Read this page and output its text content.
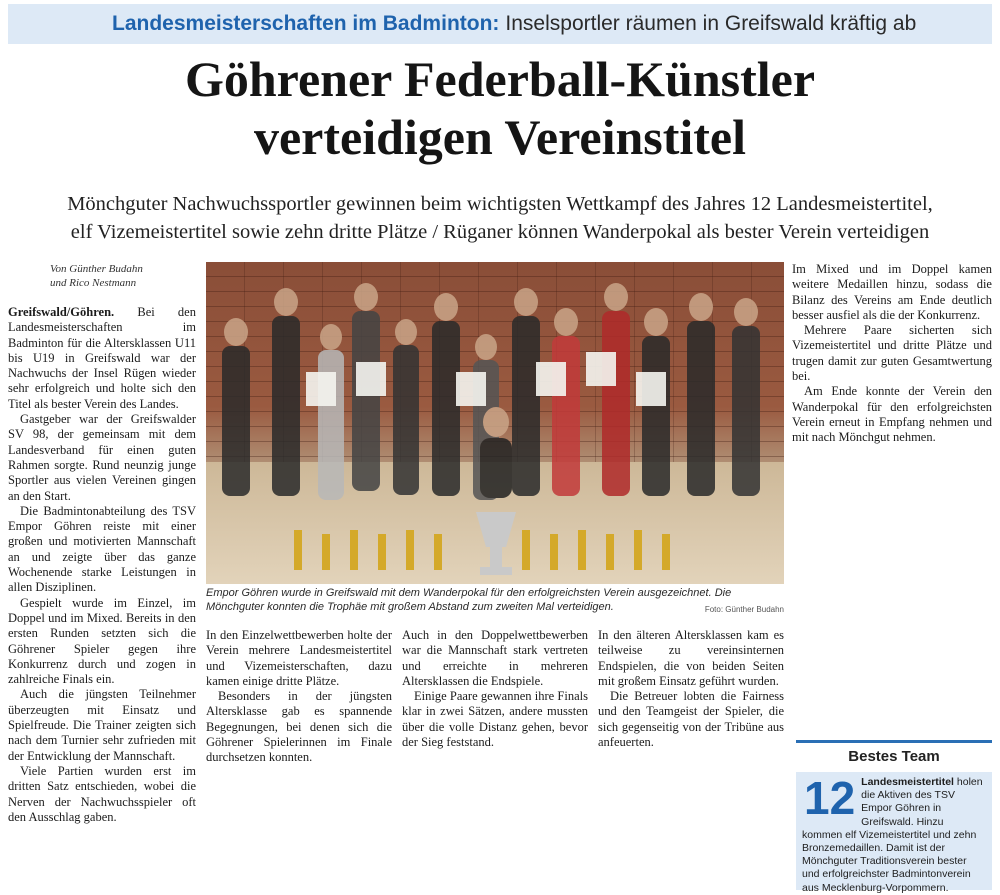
Landesmeisterschaften im Badminton: Inselsportler räumen in Greifswald kräftig ab
Göhrener Federball-Künstler
verteidigen Vereinstitel
Mönchguter Nachwuchssportler gewinnen beim wichtigsten Wettkampf des Jahres 12 Landesmeistertitel,
elf Vizemeistertitel sowie zehn dritte Plätze / Rüganer können Wanderpokal als bester Verein verteidigen
Von Günther Budahn
und Rico Nestmann

Greifswald/Göhren. Bei den Landesmeisterschaften im Badminton für die Altersklassen U11 bis U19 in Greifswald war der Nachwuchs der Insel Rügen wieder sehr erfolgreich und holte sich den Titel als bester Verein des Landes.

Gastgeber war der Greifswalder SV 98, der gemeinsam mit dem Landesverband für einen guten Rahmen sorgte. Rund neunzig junge Sportler aus vielen Vereinen gingen an den Start.

Die Badmintonabteilung des TSV Empor Göhren reiste mit einer großen und motivierten Mannschaft an und zeigte über das ganze Wochenende starke Leistungen in allen Disziplinen.

Gespielt wurde im Einzel, im Doppel und im Mixed. Bereits in den ersten Runden setzten sich die Göhrener Spieler gegen ihre Konkurrenz durch und zogen in zahlreiche Finals ein.

Auch die jüngsten Teilnehmer überzeugten mit Einsatz und Spielfreude. Die Trainer zeigten sich nach dem Turnier sehr zufrieden mit der Entwicklung der Mannschaft.

Viele Partien wurden erst im dritten Satz entschieden, wobei die Nerven der Nachwuchsspieler oft den Ausschlag gaben.

Empor Göhren wurde in Greifswald mit dem Wanderpokal für den erfolgreichsten Verein ausgezeichnet. Die Mönchguter konnten die Trophäe mit großem Abstand zum zweiten Mal verteidigen.	Foto: Günther Budahn

In den Einzelwettbewerben holte der Verein mehrere Landesmeistertitel und Vizemeisterschaften, dazu kamen einige dritte Plätze.

Besonders in der jüngsten Altersklasse gab es spannende Begegnungen, bei denen sich die Göhrener Spielerinnen im Finale durchsetzen konnten.

Auch in den Doppelwettbewerben war die Mannschaft stark vertreten und erreichte in mehreren Altersklassen die Endspiele.

Einige Paare gewannen ihre Finals klar in zwei Sätzen, andere mussten über die volle Distanz gehen, bevor der Sieg feststand.

In den älteren Altersklassen kam es teilweise zu vereinsinternen Endspielen, die von beiden Seiten mit großem Einsatz geführt wurden.

Die Betreuer lobten die Fairness und den Teamgeist der Spieler, die sich gegenseitig von der Tribüne aus anfeuerten.

Im Mixed und im Doppel kamen weitere Medaillen hinzu, sodass die Bilanz des Vereins am Ende deutlich besser ausfiel als die der Konkurrenz.

Mehrere Paare sicherten sich Vizemeistertitel und dritte Plätze und trugen damit zur guten Gesamtwertung bei.

Am Ende konnte der Verein den Wanderpokal für den erfolgreichsten Verein erneut in Empfang nehmen und mit nach Mönchgut nehmen.

Bestes Team
12 Landesmeistertitel holen die Aktiven des TSV Empor Göhren in Greifswald. Hinzu kommen elf Vizemeistertitel und zehn Bronzemedaillen. Damit ist der Mönchguter Traditionsverein bester und erfolgreichster Badmintonverein aus Mecklenburg-Vorpommern.
